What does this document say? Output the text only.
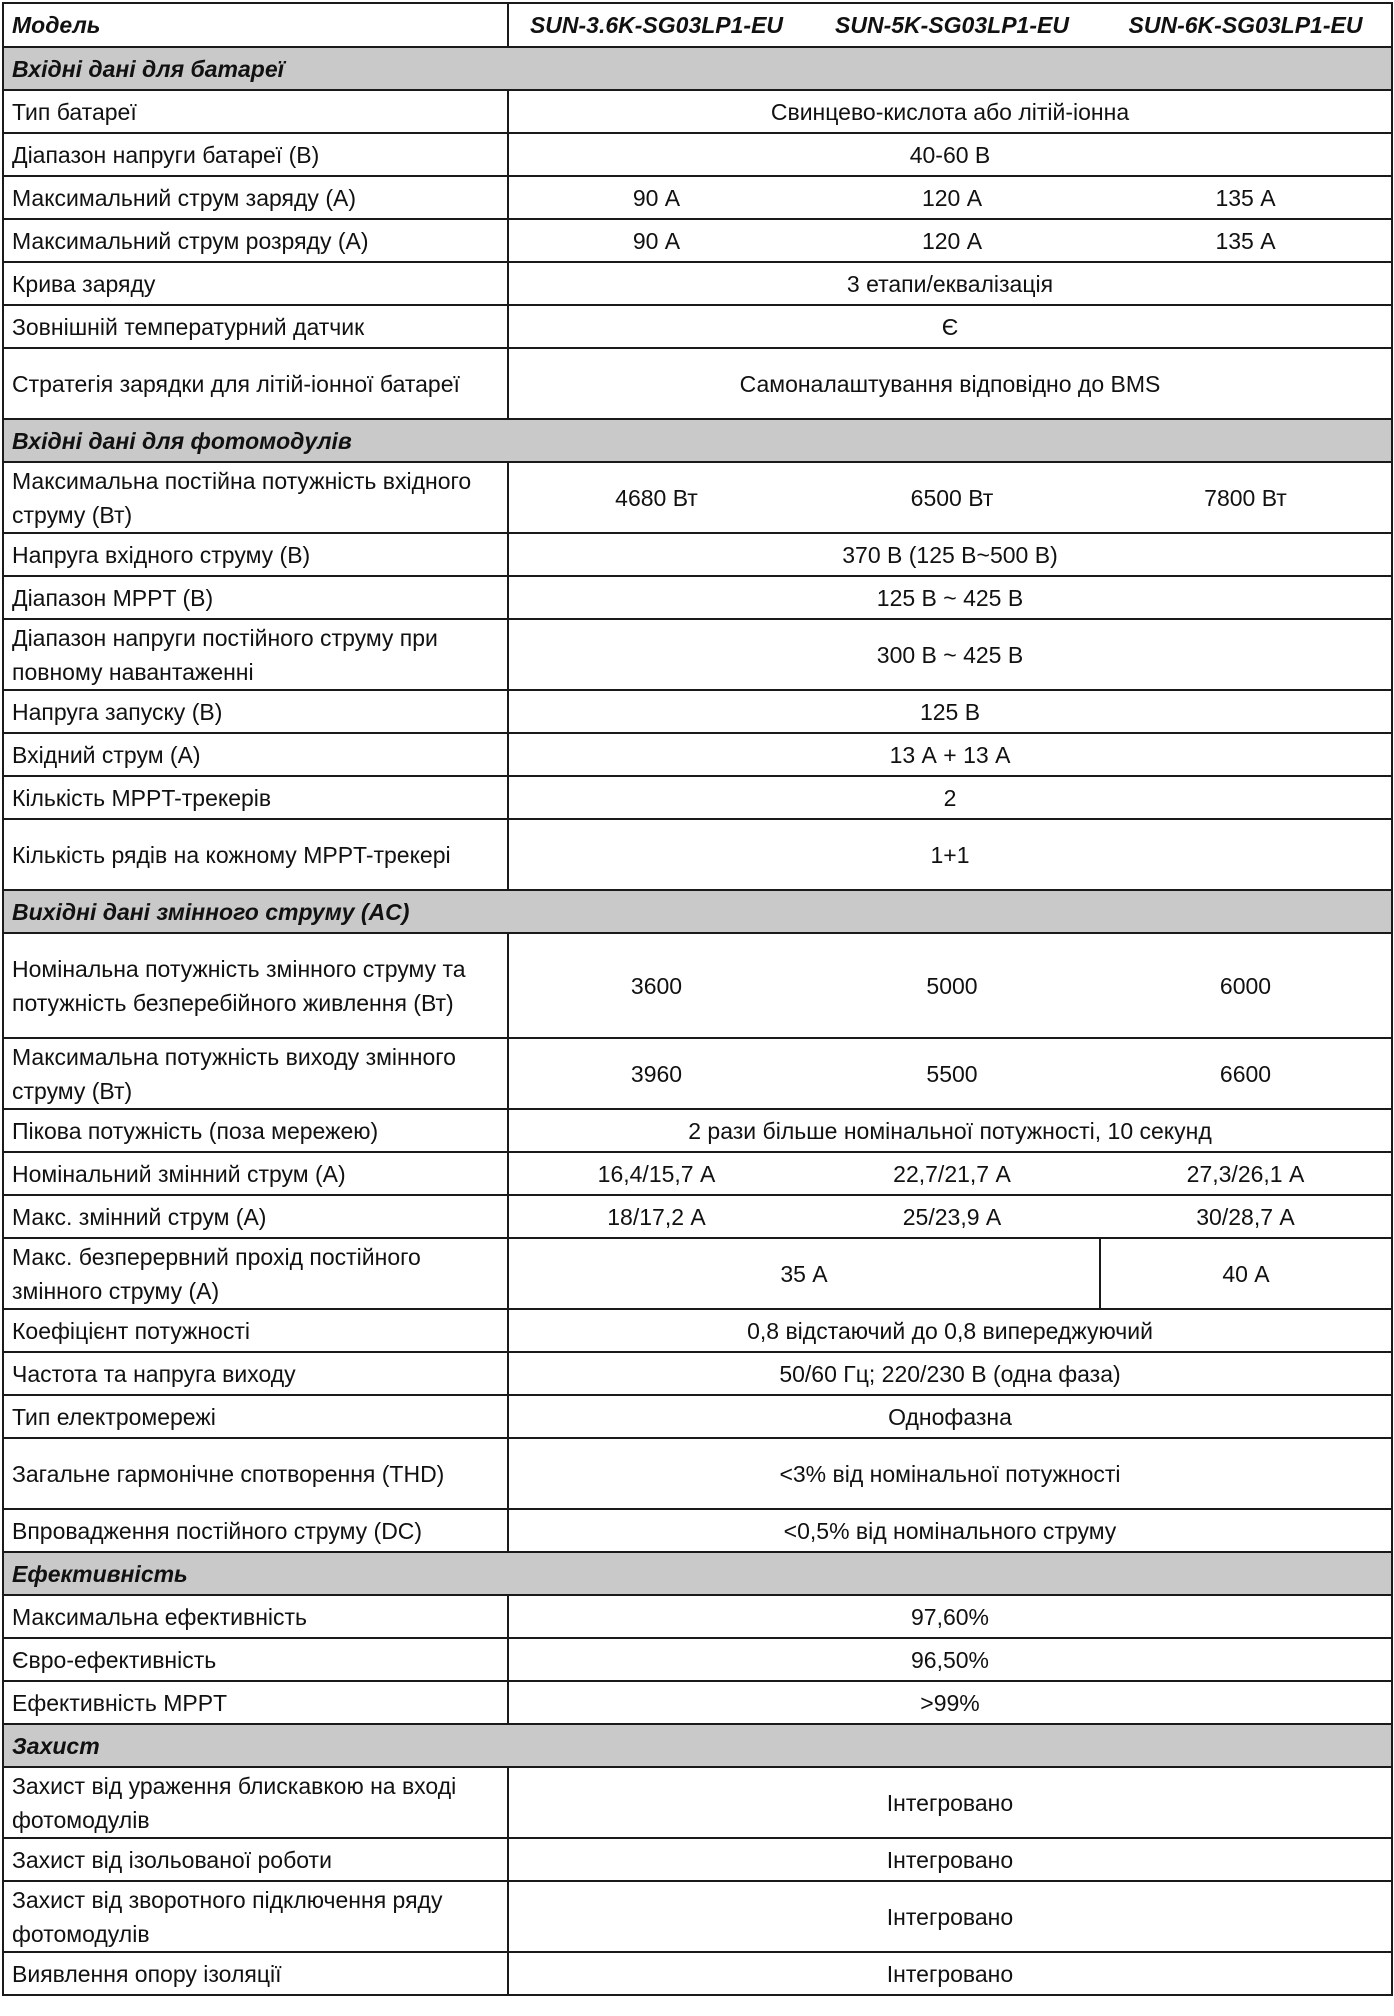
Модель	SUN-3.6K-SG03LP1-EU	SUN-5K-SG03LP1-EU	SUN-6K-SG03LP1-EU
Вхідні дані для батареї			
Тип батареї	Свинцево-кислота або літій-іонна		
Діапазон напруги батареї (В)	40-60 В		
Максимальний струм заряду (А)	90 А	120 А	135 А
Максимальний струм розряду (А)	90 А	120 А	135 А
Крива заряду	3 етапи/еквалізація		
Зовнішній температурний датчик	Є		
Стратегія зарядки для літій-іонної батареї	Самоналаштування відповідно до BMS		
Вхідні дані для фотомодулів			
Максимальна постійна потужність вхідного струму (Вт)	4680 Вт	6500 Вт	7800 Вт
Напруга вхідного струму (В)	370 В (125 В~500 В)		
Діапазон MPPT (В)	125 В ~ 425 В		
Діапазон напруги постійного струму при повному навантаженні	300 В ~ 425 В		
Напруга запуску (В)	125 В		
Вхідний струм (А)	13 А + 13 А		
Кількість MPPT-трекерів	2		
Кількість рядів на кожному MPPT-трекері	1+1		
Вихідні дані змінного струму (AC)			
Номінальна потужність змінного струму та потужність безперебійного живлення (Вт)	3600	5000	6000
Максимальна потужність виходу змінного струму (Вт)	3960	5500	6600
Пікова потужність (поза мережею)	2 рази більше номінальної потужності, 10 секунд		
Номінальний змінний струм (А)	16,4/15,7 А	22,7/21,7 А	27,3/26,1 А
Макс. змінний струм (А)	18/17,2 А	25/23,9 А	30/28,7 А
Макс. безперервний прохід постійного змінного струму (А)	35 А		40 А
Коефіцієнт потужності	0,8 відстаючий до 0,8 випереджуючий		
Частота та напруга виходу	50/60 Гц; 220/230 В (одна фаза)		
Тип електромережі	Однофазна		
Загальне гармонічне спотворення (THD)	<3% від номінальної потужності		
Впровадження постійного струму (DC)	<0,5% від номінального струму		
Ефективність			
Максимальна ефективність	97,60%		
Євро-ефективність	96,50%		
Ефективність MPPT	>99%		
Захист			
Захист від ураження блискавкою на вході фотомодулів	Інтегровано		
Захист від ізольованої роботи	Інтегровано		
Захист від зворотного підключення ряду фотомодулів	Інтегровано		
Виявлення опору ізоляції	Інтегровано		
